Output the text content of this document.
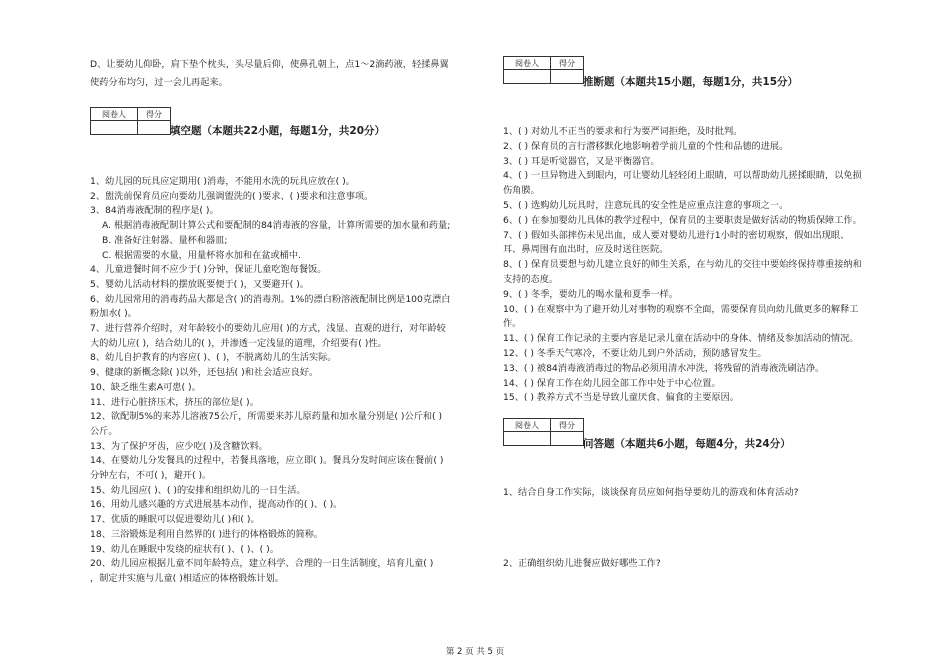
D、让要幼儿仰卧，肩下垫个枕头，头尽量后仰，使鼻孔朝上，点1～2滴药液，轻揉鼻翼
使药分布均匀，过一会儿再起来。
阅卷人	得分

填空题（本题共22小题，每题1分，共20分）
1、幼儿园的玩具应定期用( )消毒，不能用水洗的玩具应放在( )。
2、盥洗前保育员应向要幼儿强调盥洗的( )要求、( )要求和注意事项。
3、84消毒液配制的程序是( )。
A. 根据消毒液配制计算公式和要配制的84消毒液的容量，计算所需要的加水量和药量;
B. 准备好注射器、量杯和器皿;
C. 根据需要的水量，用量杯将水加和在盆或桶中.
4、儿童进餐时间不应少于( )分钟，保证儿童吃饱每餐饭。
5、婴幼儿活动材料的摆放既要便于( )，又要避开( )。
6、幼儿园常用的消毒药品大都是含( )的消毒剂。1%的漂白粉溶液配制比例是100克漂白
粉加水( )。
7、进行营养介绍时，对年龄较小的要幼儿应用( )的方式，浅显、直观的进行，对年龄较
大的幼儿应( )，结合幼儿的( )，并渗透一定浅显的道理，介绍要有( )性。
8、幼儿自护教育的内容应( )、( )，不脱离幼儿的生活实际。
9、健康的新概念除( )以外，还包括( )和社会适应良好。
10、缺乏维生素A可患( )。
11、进行心脏挤压术，挤压的部位是( )。
12、欲配制5%的来苏儿溶液75公斤，所需要来苏儿原药量和加水量分别是( )公斤和( )
公斤。
13、为了保护牙齿，应少吃( )及含糖饮料。
14、在婴幼儿分发餐具的过程中，若餐具落地，应立即( )。餐具分发时间应该在餐前( )
分钟左右，不可( )，避开( )。
15、幼儿园应( )、( )的安排和组织幼儿的一日生活。
16、用幼儿感兴趣的方式进展基本动作，提高动作的( )、( )。
17、优质的睡眠可以促进婴幼儿( )和( )。
18、三浴锻炼是利用自然界的( )进行的体格锻炼的简称。
19、幼儿在睡眠中发绕的症状有( )、( )、( )。
20、幼儿园应根据儿童不同年龄特点，建立科学、合理的一日生活制度，培育儿童( )
，制定并实施与儿童( )相适应的体格锻炼计划。
阅卷人	得分

推断题（本题共15小题，每题1分，共15分）
1、( ) 对幼儿不正当的要求和行为要严词拒绝，及时批判。
2、( ) 保育员的言行潜移默化地影响着学前儿童的个性和品德的进展。
3、( ) 耳是听觉器官，又是平衡器官。
4、( ) 一旦异物进入到眼内，可让婴幼儿轻轻闭上眼睛，可以帮助幼儿搓揉眼睛，以免损
伤角膜。
5、( ) 选购幼儿玩具时，注意玩具的安全性是应重点注意的事项之一。
6、( ) 在参加婴幼儿具体的教学过程中，保育员的主要职责是做好活动的物质保障工作。
7、( ) 假如头部摔伤未见出血，成人要对婴幼儿进行1小时的密切观察，假如出现眼、
耳、鼻周围有血出时，应及时送往医院。
8、( ) 保育员要想与幼儿建立良好的师生关系，在与幼儿的交往中要始终保持尊重接纳和
支持的态度。
9、( ) 冬季，要幼儿的喝水量和夏季一样。
10、( ) 在观察中为了避开幼儿对事物的观察不全面，需要保育员向幼儿做更多的解释工
作。
11、( ) 保育工作记录的主要内容是记录儿童在活动中的身体、情绪及参加活动的情况。
12、( ) 冬季天气寒冷，不要让幼儿到户外活动，预防感冒发生。
13、( ) 被84消毒液消毒过的物品必须用清水冲洗，将残留的消毒液洗刷洁净。
14、( ) 保育工作在幼儿园全部工作中处于中心位置。
15、( ) 教养方式不当是导致儿童厌食、偏食的主要原因。
阅卷人	得分

问答题（本题共6小题，每题4分，共24分）
1、结合自身工作实际，谈谈保育员应如何指导要幼儿的游戏和体育活动?
2、正确组织幼儿进餐应做好哪些工作?
第 2 页 共 5 页
